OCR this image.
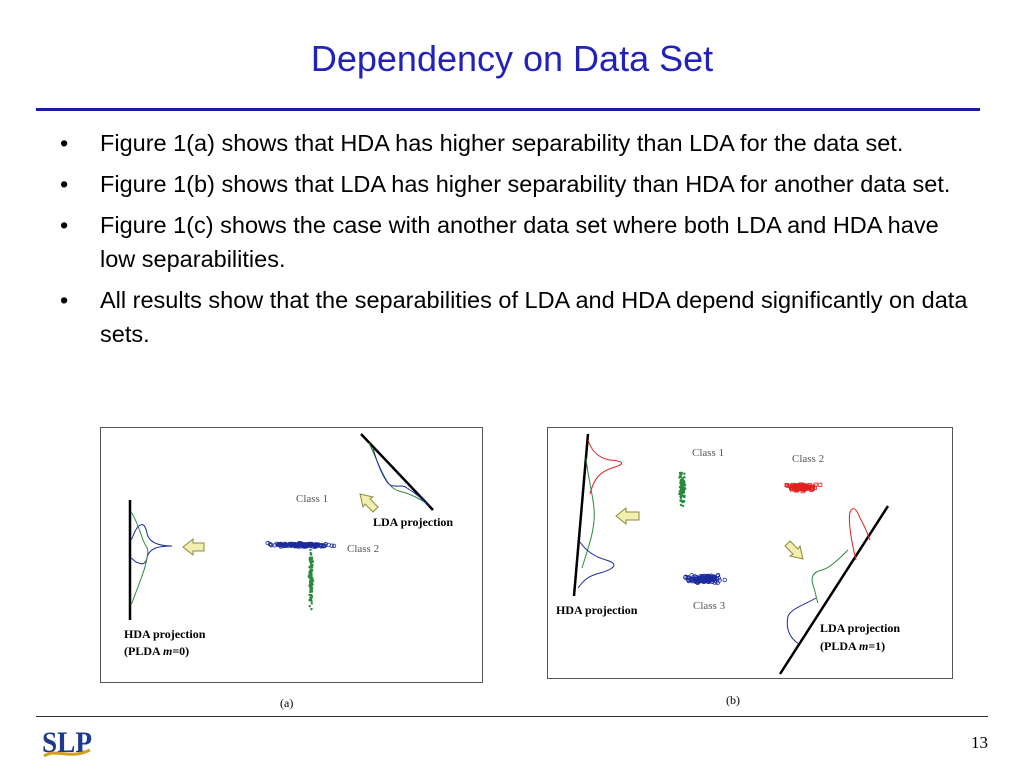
Dependency on Data Set
• Figure 1(a) shows that HDA has higher separability than LDA for the data set.
• Figure 1(b) shows that LDA has higher separability than HDA for another data set.
• Figure 1(c) shows the case with another data set where both LDA and HDA have low separabilities.
• All results show that the separabilities of LDA and HDA depend significantly on data sets.
Class 1
Class 2
LDA projection
HDA projection
(PLDA m=0)
(a)
Class 1	Class 2
Class 3
HDA projection
LDA projection
(PLDA m=1)
(b)
SLP	13
